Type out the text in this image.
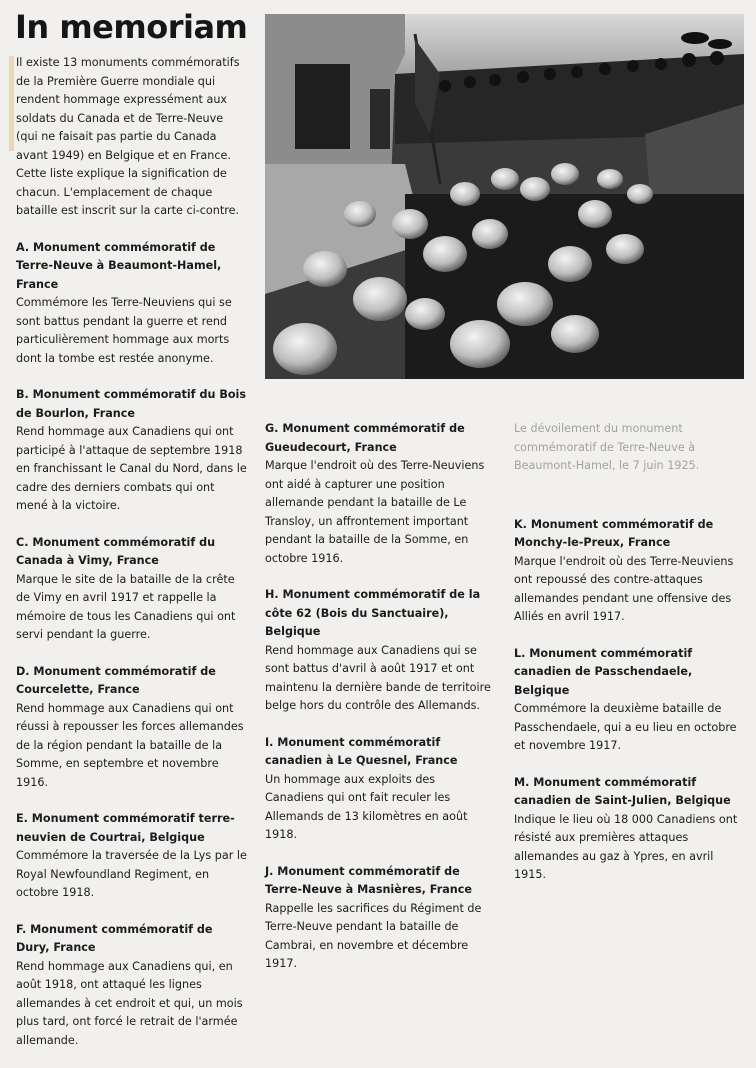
In memoriam

Il existe 13 monuments commémoratifs de la Première Guerre mondiale qui rendent hommage expressément aux soldats du Canada et de Terre-Neuve (qui ne faisait pas partie du Canada avant 1949) en Belgique et en France. Cette liste explique la signification de chacun. L'emplacement de chaque bataille est inscrit sur la carte ci-contre.

A. Monument commémoratif de Terre-Neuve à Beaumont-Hamel, France
Commémore les Terre-Neuviens qui se sont battus pendant la guerre et rend particulièrement hommage aux morts dont la tombe est restée anonyme.
B. Monument commémoratif du Bois de Bourlon, France
Rend hommage aux Canadiens qui ont participé à l'attaque de septembre 1918 en franchissant le Canal du Nord, dans le cadre des derniers combats qui ont mené à la victoire.
C. Monument commémoratif du Canada à Vimy, France
Marque le site de la bataille de la crête de Vimy en avril 1917 et rappelle la mémoire de tous les Canadiens qui ont servi pendant la guerre.
D. Monument commémoratif de Courcelette, France
Rend hommage aux Canadiens qui ont réussi à repousser les forces allemandes de la région pendant la bataille de la Somme, en septembre et novembre 1916.
E. Monument commémoratif terre-neuvien de Courtrai, Belgique
Commémore la traversée de la Lys par le Royal Newfoundland Regiment, en octobre 1918.
F. Monument commémoratif de Dury, France
Rend hommage aux Canadiens qui, en août 1918, ont attaqué les lignes allemandes à cet endroit et qui, un mois plus tard, ont forcé le retrait de l'armée allemande.
G. Monument commémoratif de Gueudecourt, France
Marque l'endroit où des Terre-Neuviens ont aidé à capturer une position allemande pendant la bataille de Le Transloy, un affrontement important pendant la bataille de la Somme, en octobre 1916.
H. Monument commémoratif de la côte 62 (Bois du Sanctuaire), Belgique
Rend hommage aux Canadiens qui se sont battus d'avril à août 1917 et ont maintenu la dernière bande de territoire belge hors du contrôle des Allemands.
I. Monument commémoratif canadien à Le Quesnel, France
Un hommage aux exploits des Canadiens qui ont fait reculer les Allemands de 13 kilomètres en août 1918.
J. Monument commémoratif de Terre-Neuve à Masnières, France
Rappelle les sacrifices du Régiment de Terre-Neuve pendant la bataille de Cambrai, en novembre et décembre 1917.

Le dévoilement du monument commémoratif de Terre-Neuve à Beaumont-Hamel, le 7 juin 1925.

K. Monument commémoratif de Monchy-le-Preux, France
Marque l'endroit où des Terre-Neuviens ont repoussé des contre-attaques allemandes pendant une offensive des Alliés en avril 1917.
L. Monument commémoratif canadien de Passchendaele, Belgique
Commémore la deuxième bataille de Passchendaele, qui a eu lieu en octobre et novembre 1917.
M. Monument commémoratif canadien de Saint-Julien, Belgique
Indique le lieu où 18 000 Canadiens ont résisté aux premières attaques allemandes au gaz à Ypres, en avril 1915.
